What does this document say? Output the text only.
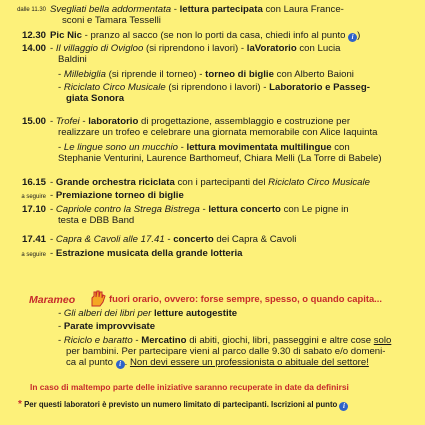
dalle 11.30 Svegliati bella addormentata - lettura partecipata con Laura France-
sconi e Tamara Tesselli
12.30 Pic Nic - pranzo al sacco (se non lo porti da casa, chiedi info al punto i )
14.00 - Il villaggio di Ovigloo (si riprendono i lavori) - laVoratorio con Lucia
Baldini
- Millebiglia (si riprende il torneo) - torneo di biglie con Alberto Baioni
- Riciclato Circo Musicale (si riprendono i lavori) - Laboratorio e Passeg-
giata Sonora
15.00 - Trofei - laboratorio di progettazione, assemblaggio e costruzione per
realizzare un trofeo e celebrare una giornata memorabile con Alice Iaquinta
- Le lingue sono un mucchio - lettura movimentata multilingue con
Stephanie Venturini, Laurence Barthomeuf, Chiara Melli (La Torre di Babele)
16.15 - Grande orchestra riciclata con i partecipanti del Riciclato Circo Musicale
a seguire - Premiazione torneo di biglie
17.10 - Capriole contro la Strega Bistrega - lettura concerto con Le pigne in
testa e DBB Band
17.41 - Capra & Cavoli alle 17.41 - concerto dei Capra & Cavoli
a seguire - Estrazione musicata della grande lotteria
Marameo	fuori orario, ovvero: forse sempre, spesso, o quando capita...
- Gli alberi dei libri per letture autogestite
- Parate improvvisate
- Riciclo e baratto - Mercatino di abiti, giochi, libri, passeggini e altre cose solo
per bambini. Per partecipare vieni al parco dalle 9.30 di sabato e/o domeni-
ca al punto i . Non devi essere un professionista o abituale del settore!
In caso di maltempo parte delle iniziative saranno recuperate in date da definirsi
* Per questi laboratori è previsto un numero limitato di partecipanti. Iscrizioni al punto i
